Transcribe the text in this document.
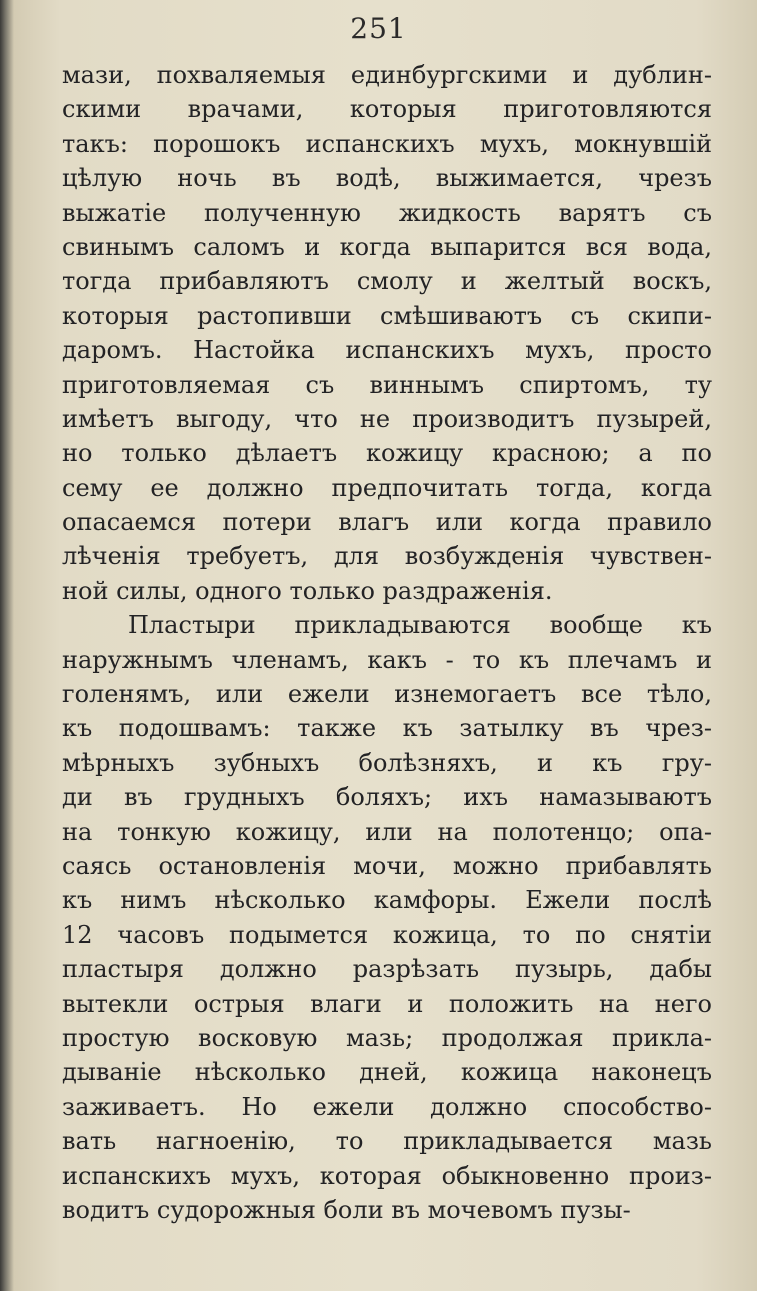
251
мази, похваляемыя единбургскими и дублин-
скими врачами, которыя приготовляются
такъ: порошокъ испанскихъ мухъ, мокнувшій
цѣлую ночь въ водѣ, выжимается, чрезъ
выжатіе полученную жидкость варятъ съ
свинымъ саломъ и когда выпарится вся вода,
тогда прибавляютъ смолу и желтый воскъ,
которыя растопивши смѣшиваютъ съ скипи-
даромъ. Настойка испанскихъ мухъ, просто
приготовляемая съ виннымъ спиртомъ, ту
имѣетъ выгоду, что не производитъ пузырей,
но только дѣлаетъ кожицу красною; а по
сему ее должно предпочитать тогда, когда
опасаемся потери влагъ или когда правило
лѣченія требуетъ, для возбужденія чувствен-
ной силы, одного только раздраженія.
Пластыри прикладываются вообще къ
наружнымъ членамъ, какъ - то къ плечамъ и
голенямъ, или ежели изнемогаетъ все тѣло,
къ подошвамъ: также къ затылку въ чрез-
мѣрныхъ зубныхъ болѣзняхъ, и къ гру-
ди въ грудныхъ боляхъ; ихъ намазываютъ
на тонкую кожицу, или на полотенцо; опа-
саясь остановленія мочи, можно прибавлять
къ нимъ нѣсколько камфоры. Ежели послѣ
12 часовъ подымется кожица, то по снятіи
пластыря должно разрѣзать пузырь, дабы
вытекли острыя влаги и положить на него
простую восковую мазь; продолжая прикла-
дываніе нѣсколько дней, кожица наконецъ
заживаетъ. Но ежели должно способствo-
вать нагноенію, то прикладывается мазь
испанскихъ мухъ, которая обыкновенно произ-
водитъ судорожныя боли въ мочевомъ пузы-
